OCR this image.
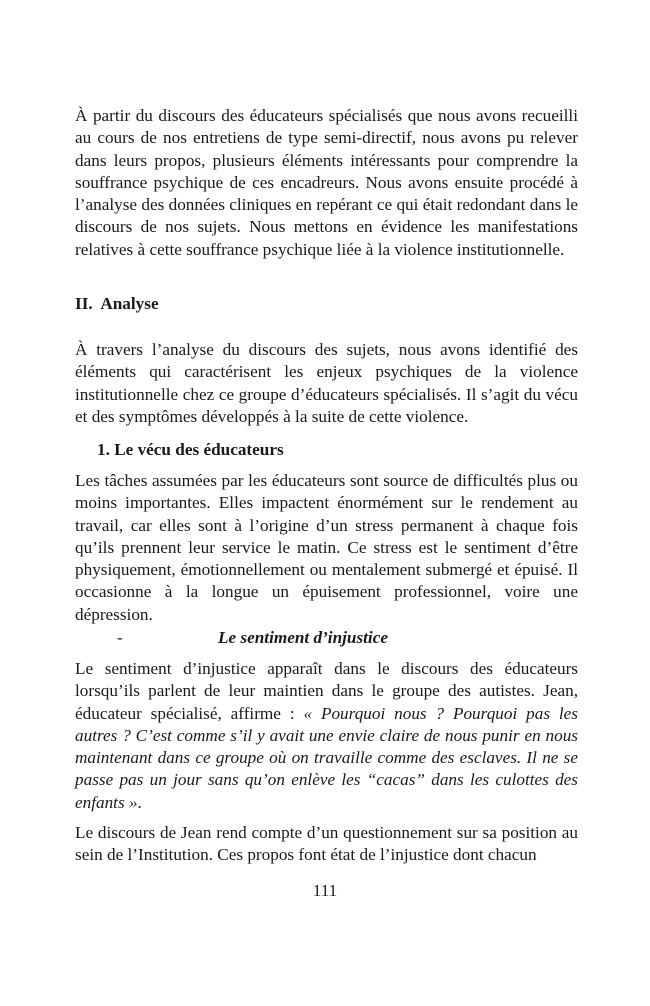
À partir du discours des éducateurs spécialisés que nous avons recueilli au cours de nos entretiens de type semi-directif, nous avons pu relever dans leurs propos, plusieurs éléments intéressants pour comprendre la souffrance psychique de ces encadreurs. Nous avons ensuite procédé à l’analyse des données cliniques en repérant ce qui était redondant dans le discours de nos sujets. Nous mettons en évidence les manifestations relatives à cette souffrance psychique liée à la violence institutionnelle.

II.  Analyse

À travers l’analyse du discours des sujets, nous avons identifié des éléments qui caractérisent les enjeux psychiques de la violence institutionnelle chez ce groupe d’éducateurs spécialisés. Il s’agit du vécu et des symptômes développés à la suite de cette violence.

1. Le vécu des éducateurs

Les tâches assumées par les éducateurs sont source de difficultés plus ou moins importantes. Elles impactent énormément sur le rendement au travail, car elles sont à l’origine d’un stress permanent à chaque fois qu’ils prennent leur service le matin. Ce stress est le sentiment d’être physiquement, émotionnellement ou mentalement submergé et épuisé. Il occasionne à la longue un épuisement professionnel, voire une dépression.

-	Le sentiment d’injustice

Le sentiment d’injustice apparaît dans le discours des éducateurs lorsqu’ils parlent de leur maintien dans le groupe des autistes. Jean, éducateur spécialisé, affirme : « Pourquoi nous ? Pourquoi pas les autres ? C’est comme s’il y avait une envie claire de nous punir en nous maintenant dans ce groupe où on travaille comme des esclaves. Il ne se passe pas un jour sans qu’on enlève les “cacas” dans les culottes des enfants ».

Le discours de Jean rend compte d’un questionnement sur sa position au sein de l’Institution. Ces propos font état de l’injustice dont chacun

111
